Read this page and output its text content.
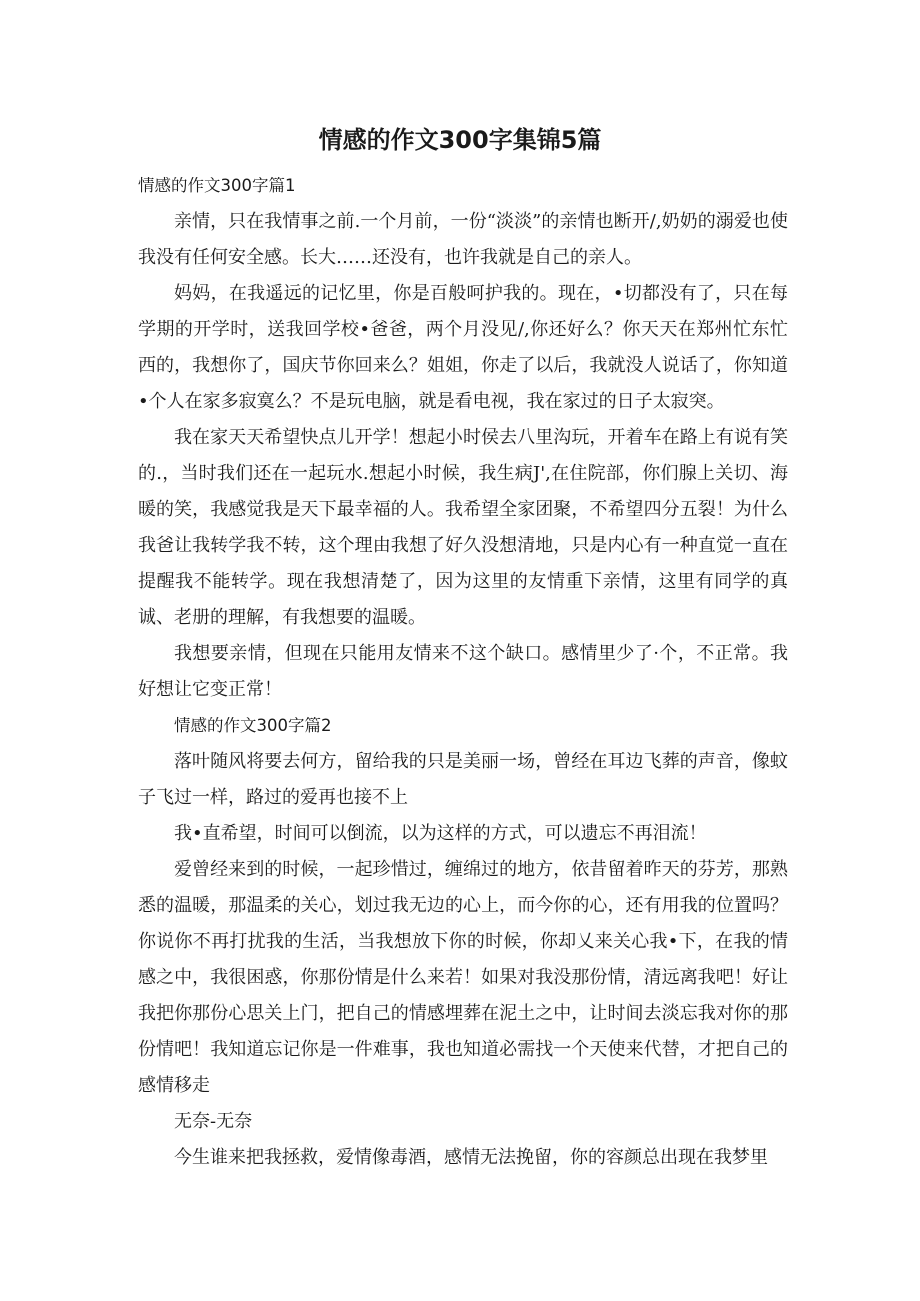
情感的作文300字集锦5篇

情感的作文300字篇1

亲情，只在我情事之前.一个月前，一份“淡淡”的亲情也断开/,奶奶的溺爱也使我没有任何安全感。长大……还没有，也许我就是自己的亲人。

妈妈，在我遥远的记忆里，你是百般呵护我的。现在，•切都没有了，只在每学期的开学时，送我回学校•爸爸，两个月没见/,你还好么？你天天在郑州忙东忙西的，我想你了，国庆节你回来么？姐姐，你走了以后，我就没人说话了，你知道•个人在家多寂寞么？不是玩电脑，就是看电视，我在家过的日子太寂突。

我在家天天希望快点儿开学！想起小时侯去八里沟玩，开着车在路上有说有笑的.，当时我们还在一起玩水.想起小时候，我生病J',在住院部，你们腺上关切、海暖的笑，我感觉我是天下最幸福的人。我希望全家团聚，不希望四分五裂！为什么我爸让我转学我不转，这个理由我想了好久没想清地，只是内心有一种直觉一直在提醒我不能转学。现在我想清楚了，因为这里的友情重下亲情，这里有同学的真诚、老册的理解，有我想要的温暖。

我想要亲情，但现在只能用友情来不这个缺口。感情里少了·个，不正常。我好想让它变正常！

情感的作文300字篇2

落叶随风将要去何方，留给我的只是美丽一场，曾经在耳边飞葬的声音，像蚊子飞过一样，路过的爱再也接不上

我•直希望，时间可以倒流，以为这样的方式，可以遗忘不再泪流！

爱曾经来到的时候，一起珍惜过，缠绵过的地方，依昔留着昨天的芬芳，那熟悉的温暖，那温柔的关心，划过我无边的心上，而今你的心，还有用我的位置吗？你说你不再打扰我的生活，当我想放下你的时候，你却乂来关心我•下，在我的情感之中，我很困惑，你那份情是什么来若！如果对我没那份情，清远离我吧！好让我把你那份心思关上门，把自己的情感埋葬在泥土之中，让时间去淡忘我对你的那份情吧！我知道忘记你是一件难事，我也知道必需找一个天使来代替，才把自己的感情移走

无奈-无奈

今生谁来把我拯救，爱情像毒酒，感情无法挽留，你的容颜总出现在我梦里
